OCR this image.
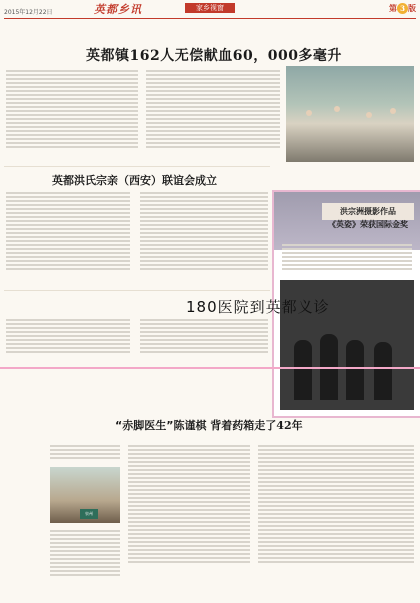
2015年12月22日	英都乡讯	家乡视窗	第 3 版
英都镇162人无偿献血60，000多毫升
英都洪氏宗亲（西安）联谊会成立
洪宗洲摄影作品
《英姿》荣获国际金奖
180医院到英都义诊
“赤脚医生”陈谨棋 背着药箱走了42年
泉州
